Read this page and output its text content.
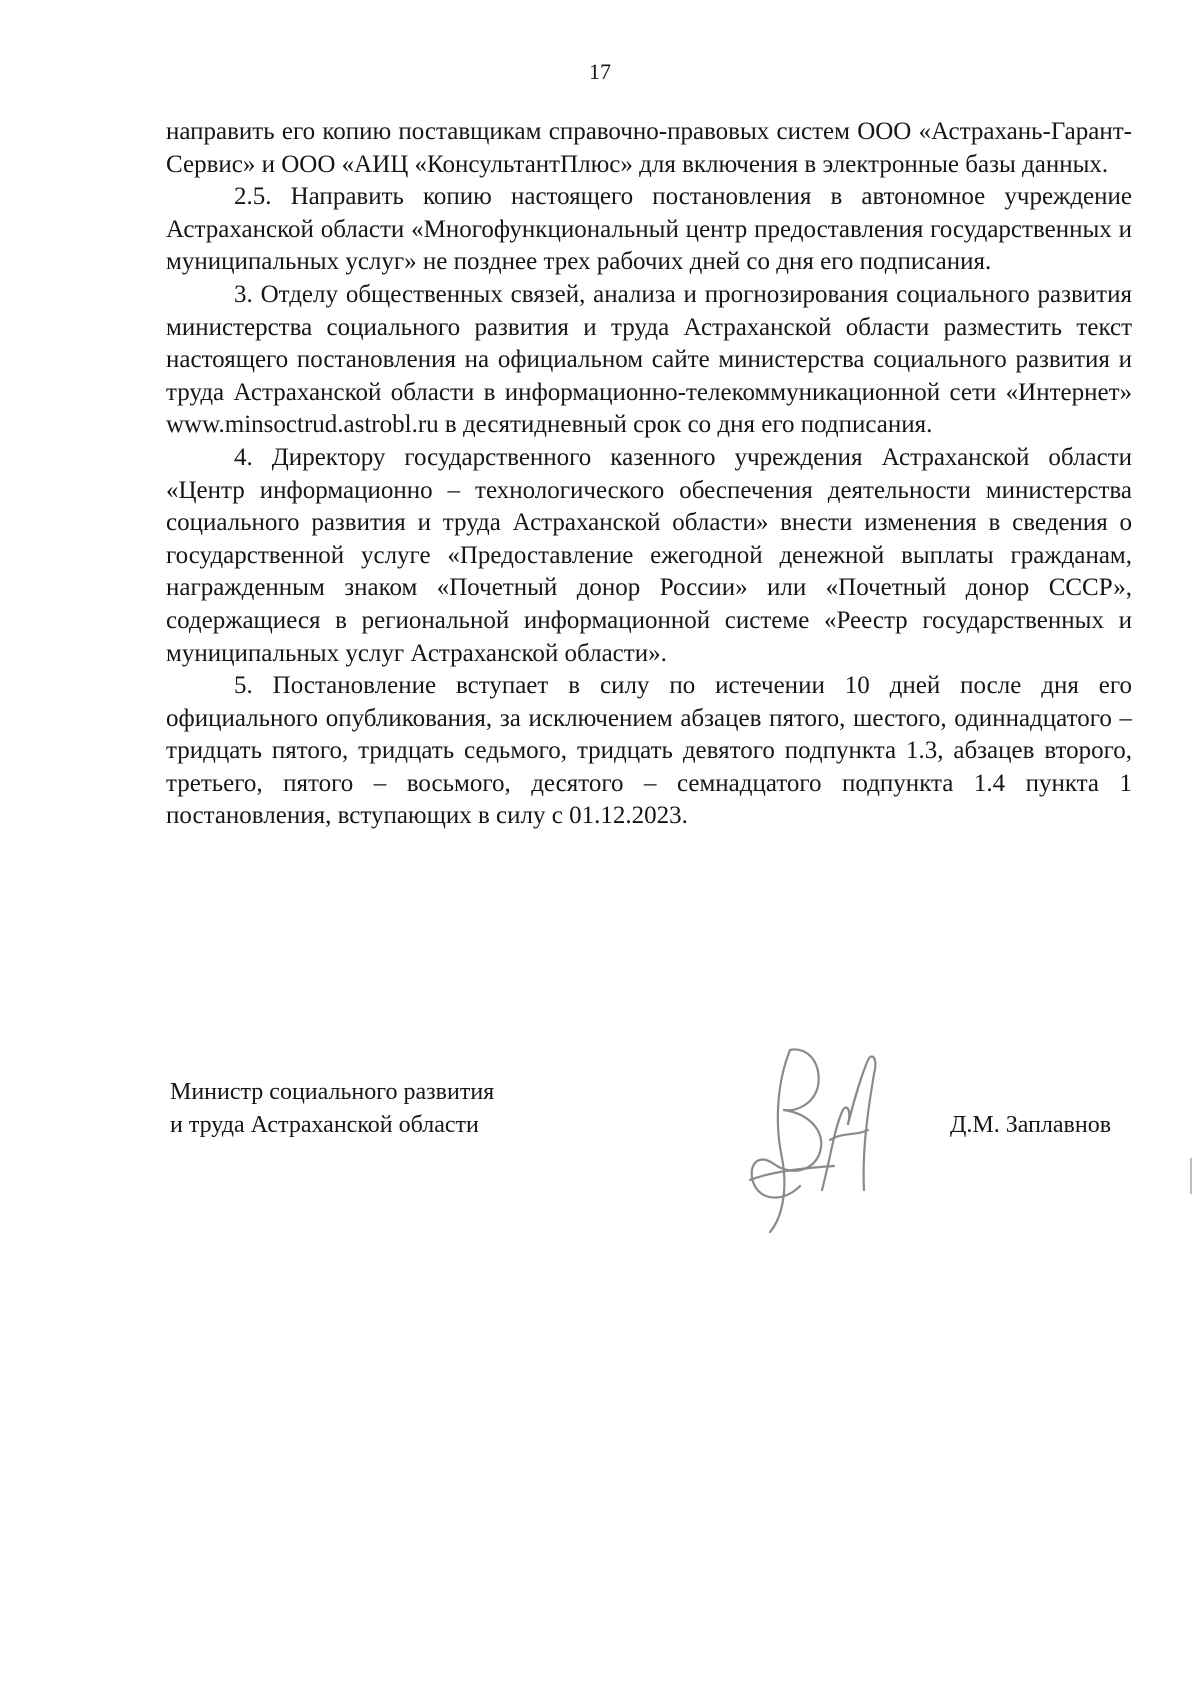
17

направить его копию поставщикам справочно-правовых систем ООО «Астрахань-Гарант-Сервис» и ООО «АИЦ «КонсультантПлюс» для включения в электронные базы данных.

2.5. Направить копию настоящего постановления в автономное учреждение Астраханской области «Многофункциональный центр предоставления государственных и муниципальных услуг» не позднее трех рабочих дней со дня его подписания.

3. Отделу общественных связей, анализа и прогнозирования социального развития министерства социального развития и труда Астраханской области разместить текст настоящего постановления на официальном сайте министерства социального развития и труда Астраханской области в информационно-телекоммуникационной сети «Интернет» www.minsoctrud.astrobl.ru в десятидневный срок со дня его подписания.

4. Директору государственного казенного учреждения Астраханской области «Центр информационно – технологического обеспечения деятельности министерства социального развития и труда Астраханской области» внести изменения в сведения о государственной услуге «Предоставление ежегодной денежной выплаты гражданам, награжденным знаком «Почетный донор России» или «Почетный донор СССР», содержащиеся в региональной информационной системе «Реестр государственных и муниципальных услуг Астраханской области».

5. Постановление вступает в силу по истечении 10 дней после дня его официального опубликования, за исключением абзацев пятого, шестого, одиннадцатого – тридцать пятого, тридцать седьмого, тридцать девятого подпункта 1.3, абзацев второго, третьего, пятого – восьмого, десятого – семнадцатого подпункта 1.4 пункта 1 постановления, вступающих в силу с 01.12.2023.

Министр социального развития
и труда Астраханской области	Д.М. Заплавнов
